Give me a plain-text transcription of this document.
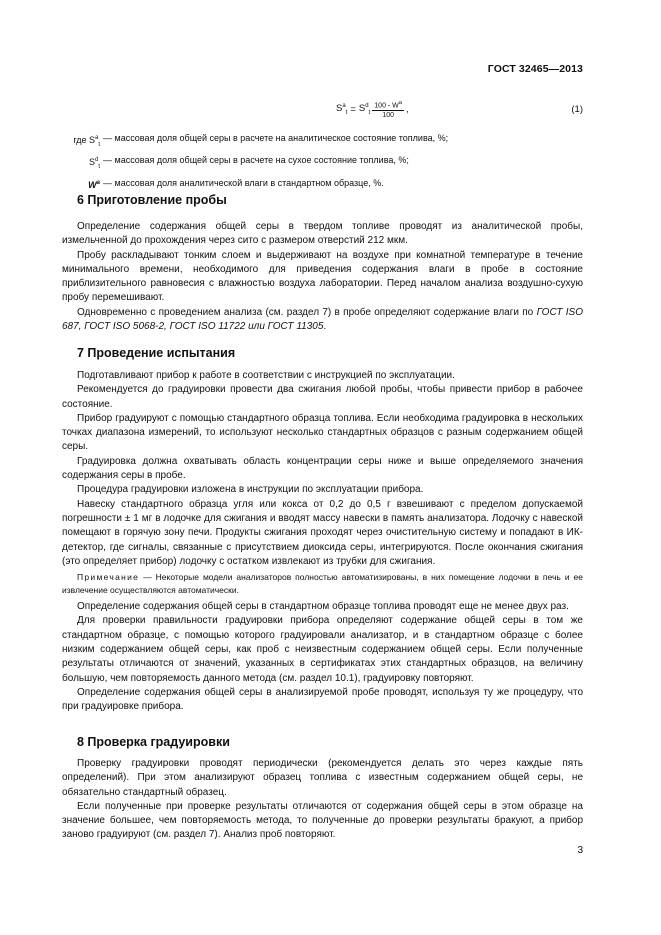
ГОСТ 32465—2013
$S^a_t = S^d_t \frac{100 - W^a}{100}$ ,	(1)
где $S^a_t$
— массовая доля общей серы в расчете на аналитическое состояние топлива, %;
$S^d_t$
— массовая доля общей серы в расчете на сухое состояние топлива, %;
$W^a$ — массовая доля аналитической влаги в стандартном образце, %.
6 Приготовление пробы

Определение содержания общей серы в твердом топливе проводят из аналитической пробы, измельченной до прохождения через сито с размером отверстий 212 мкм.

Пробу раскладывают тонким слоем и выдерживают на воздухе при комнатной температуре в течение минимального времени, необходимого для приведения содержания влаги в пробе в состояние приблизительного равновесия с влажностью воздуха лаборатории. Перед началом анализа воздушно-сухую пробу перемешивают.

Одновременно с проведением анализа (см. раздел 7) в пробе определяют содержание влаги по ГОСТ ISO 687, ГОСТ ISO 5068-2, ГОСТ ISO 11722 или ГОСТ 11305.

7 Проведение испытания

Подготавливают прибор к работе в соответствии с инструкцией по эксплуатации.

Рекомендуется до градуировки провести два сжигания любой пробы, чтобы привести прибор в рабочее состояние.

Прибор градуируют с помощью стандартного образца топлива. Если необходима градуировка в нескольких точках диапазона измерений, то используют несколько стандартных образцов с разным содержанием общей серы.

Градуировка должна охватывать область концентрации серы ниже и выше определяемого значения содержания серы в пробе.

Процедура градуировки изложена в инструкции по эксплуатации прибора.

Навеску стандартного образца угля или кокса от 0,2 до 0,5 г взвешивают с пределом допускаемой погрешности ± 1 мг в лодочке для сжигания и вводят массу навески в память анализатора. Лодочку с навеской помещают в горячую зону печи. Продукты сжигания проходят через очистительную систему и попадают в ИК-детектор, где сигналы, связанные с присутствием диоксида серы, интегрируются. После окончания сжигания (это определяет прибор) лодочку с остатком извлекают из трубки для сжигания.

Примечание — Некоторые модели анализаторов полностью автоматизированы, в них помещение лодочки в печь и ее извлечение осуществляются автоматически.

Определение содержания общей серы в стандартном образце топлива проводят еще не менее двух раз.

Для проверки правильности градуировки прибора определяют содержание общей серы в том же стандартном образце, с помощью которого градуировали анализатор, и в стандартном образце с более низким содержанием общей серы, как проб с неизвестным содержанием общей серы. Если полученные результаты отличаются от значений, указанных в сертификатах этих стандартных образцов, на величину большую, чем повторяемость данного метода (см. раздел 10.1), градуировку повторяют.

Определение содержания общей серы в анализируемой пробе проводят, используя ту же процедуру, что при градуировке прибора.

8 Проверка градуировки

Проверку градуировки проводят периодически (рекомендуется делать это через каждые пять определений). При этом анализируют образец топлива с известным содержанием общей серы, не обязательно стандартный образец.

Если полученные при проверке результаты отличаются от содержания общей серы в этом образце на значение большее, чем повторяемость метода, то полученные до проверки результаты бракуют, а прибор заново градуируют (см. раздел 7). Анализ проб повторяют.

3
